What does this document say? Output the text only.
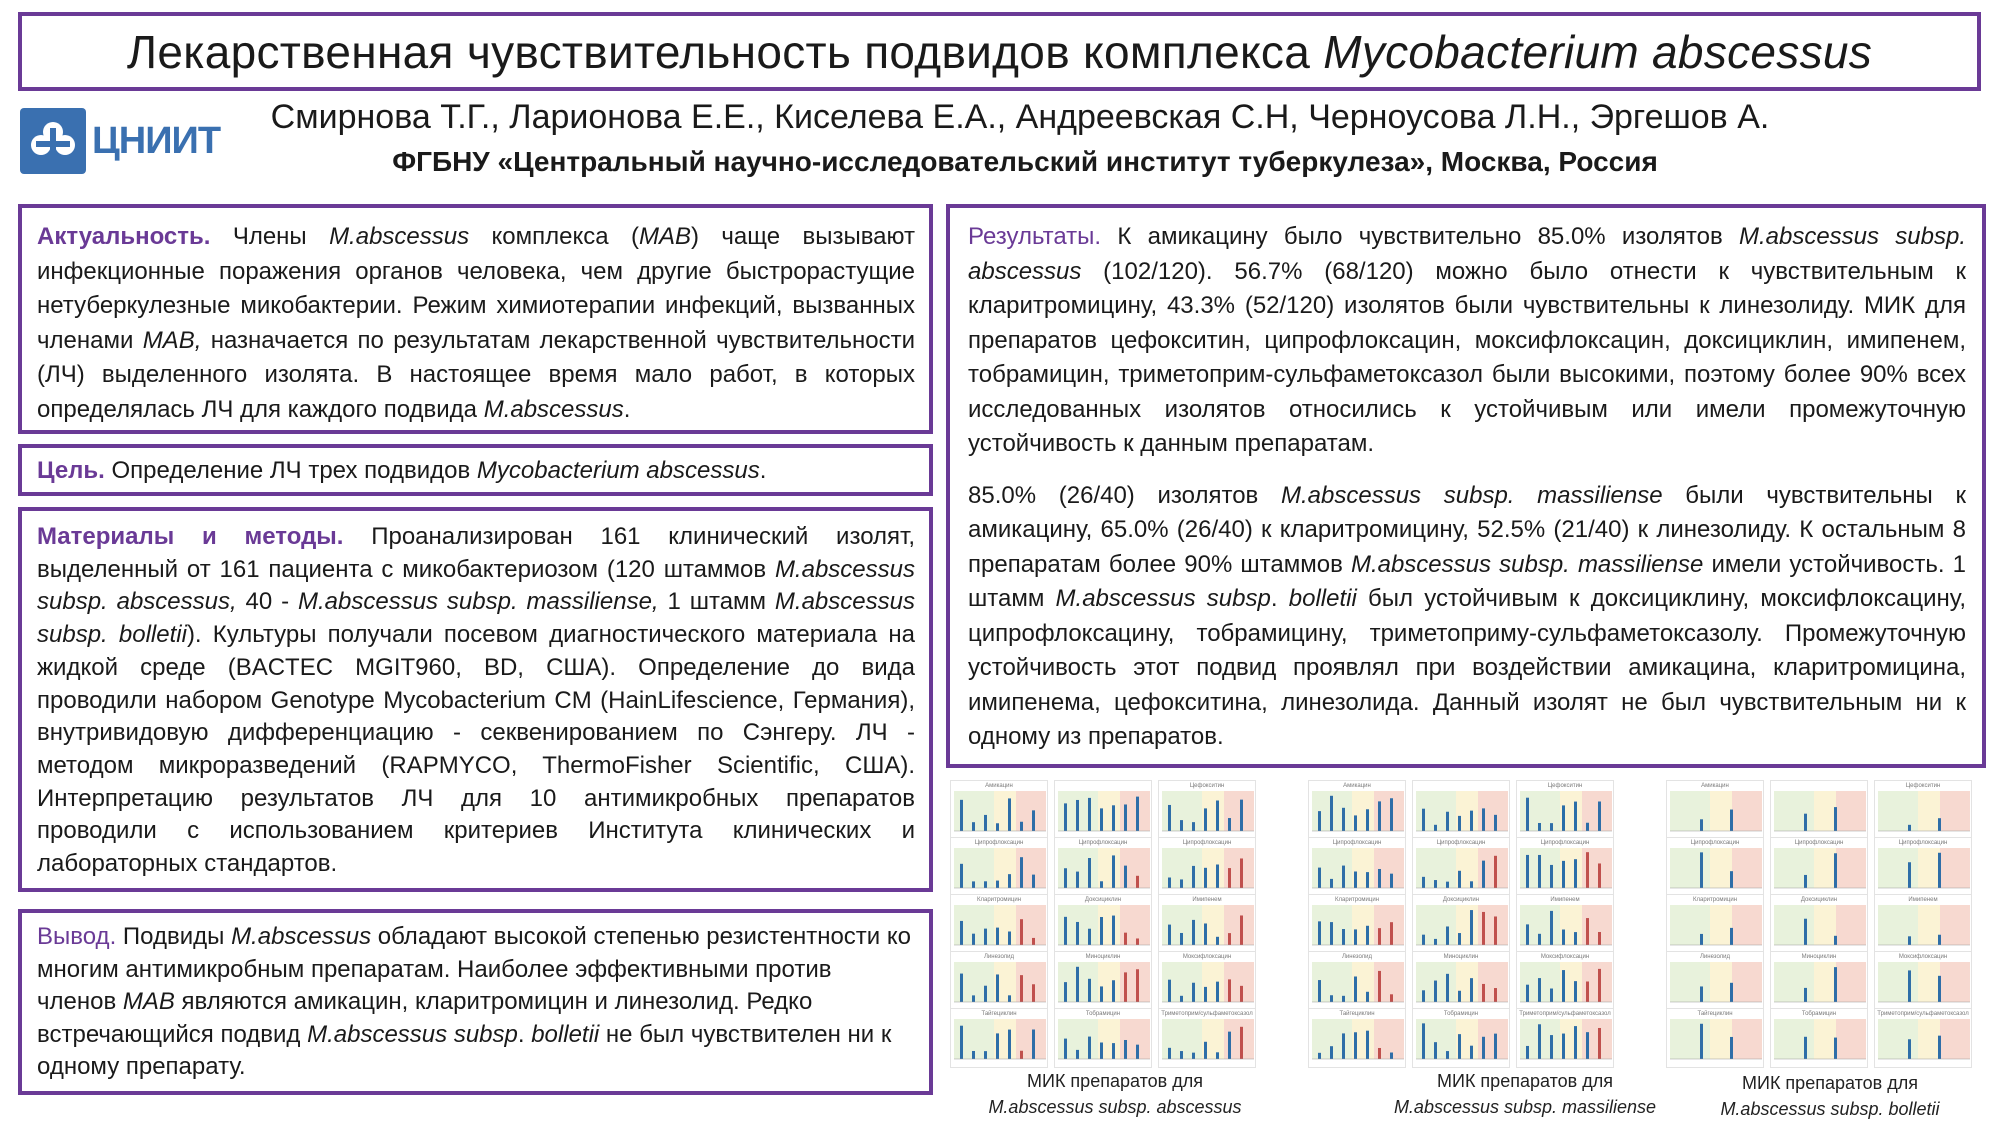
Лекарственная чувствительность подвидов комплекса Mycobacterium abscessus
ЦНИИТ
Смирнова Т.Г., Ларионова Е.Е., Киселева Е.А., Андреевская С.Н, Черноусова Л.Н., Эргешов А.
ФГБНУ «Центральный научно-исследовательский институт туберкулеза», Москва, Россия
Актуальность. Члены M.abscessus комплекса (MAB) чаще вызывают инфекционные поражения органов человека, чем другие быстрорастущие нетуберкулезные микобактерии. Режим химиотерапии инфекций, вызванных членами MAB, назначается по результатам лекарственной чувствительности (ЛЧ) выделенного изолята. В настоящее время мало работ, в которых определялась ЛЧ для каждого подвида M.abscessus.
Цель. Определение ЛЧ трех подвидов Mycobacterium abscessus.
Материалы и методы. Проанализирован 161 клинический изолят, выделенный от 161 пациента с микобактериозом (120 штаммов M.abscessus subsp. abscessus, 40 - M.abscessus subsp. massiliense, 1 штамм M.abscessus subsp. bolletii). Культуры получали посевом диагностического материала на жидкой среде (BACTEC MGIT960, BD, США). Определение до вида проводили набором Genotype Mycobacterium CM (HainLifescience, Германия), внутривидовую дифференциацию - секвенированием по Сэнгеру. ЛЧ - методом микроразведений (RAPMYCO, ThermoFisher Scientific, США). Интерпретацию результатов ЛЧ для 10 антимикробных препаратов проводили с использованием критериев Института клинических и лабораторных стандартов.
Вывод. Подвиды M.abscessus обладают высокой степенью резистентности ко многим антимикробным препаратам. Наиболее эффективными против членов MAB являются амикацин, кларитромицин и линезолид. Редко встречающийся подвид M.abscessus subsp. bolletii не был чувствителен ни к одному препарату.
Результаты. К амикацину было чувствительно 85.0% изолятов M.abscessus subsp. abscessus (102/120). 56.7% (68/120) можно было отнести к чувствительным к кларитромицину, 43.3% (52/120) изолятов были чувствительны к линезолиду. МИК для препаратов цефокситин, ципрофлоксацин, моксифлоксацин, доксициклин, имипенем, тобрамицин, триметоприм-сульфаметоксазол были высокими, поэтому более 90% всех исследованных изолятов относились к устойчивым или имели промежуточную устойчивость к данным препаратам.
85.0% (26/40) изолятов M.abscessus subsp. massiliense были чувствительны к амикацину, 65.0% (26/40) к кларитромицину, 52.5% (21/40) к линезолиду. К остальным 8 препаратам более 90% штаммов M.abscessus subsp. massiliense имели устойчивость. 1 штамм M.abscessus subsp. bolletii был устойчивым к доксициклину, моксифлоксацину, ципрофлоксацину, тобрамицину, триметоприму-сульфаметоксазолу. Промежуточную устойчивость этот подвид проявлял при воздействии амикацина, кларитромицина, имипенема, цефокситина, линезолида. Данный изолят не был чувствительным ни к одному из препаратов.
Амикацин	Цефокситин
Ципрофлоксацин	Ципрофлоксацин	Ципрофлоксацин
Кларитромицин	Доксициклин	Имипенем
Линезолид	Миноциклин	Моксифлоксацин
Тайгециклин	Тобрамицин	Триметоприм/сульфаметоксазол
Амикацин	Цефокситин
Ципрофлоксацин	Ципрофлоксацин	Ципрофлоксацин
Кларитромицин	Доксициклин	Имипенем
Линезолид	Миноциклин	Моксифлоксацин
Тайгециклин	Тобрамицин	Триметоприм/сульфаметоксазол
Амикацин	Цефокситин
Ципрофлоксацин	Ципрофлоксацин	Ципрофлоксацин
Кларитромицин	Доксициклин	Имипенем
Линезолид	Миноциклин	Моксифлоксацин
Тайгециклин	Тобрамицин	Триметоприм/сульфаметоксазол
МИК препаратов для
M.abscessus subsp. abscessus
МИК препаратов для
M.abscessus subsp. massiliense
МИК препаратов для
M.abscessus subsp. bolletii
